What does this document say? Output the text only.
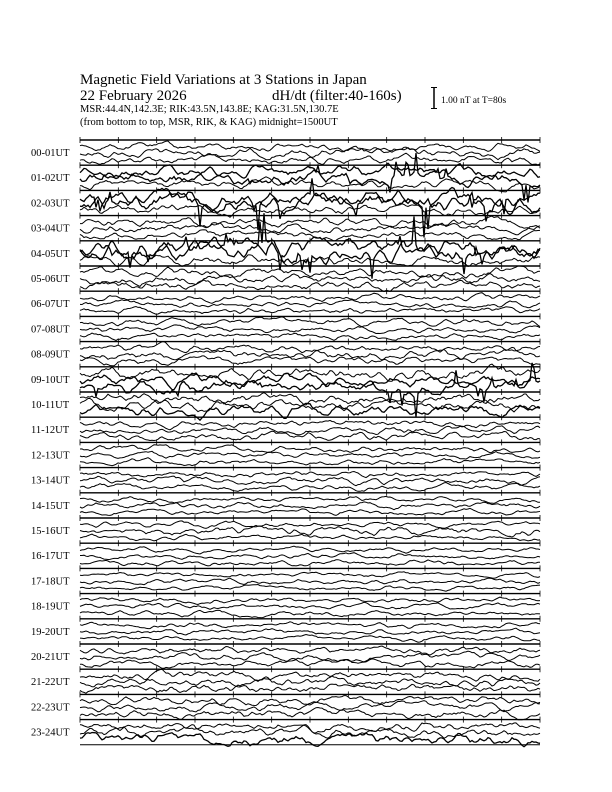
Magnetic Field Variations at 3 Stations in Japan
22 February 2026	dH/dt (filter:40-160s)
MSR:44.4N,142.3E; RIK:43.5N,143.8E; KAG:31.5N,130.7E
(from bottom to top, MSR, RIK, & KAG) midnight=1500UT
1.00 nT at T=80s
00-01UT
01-02UT
02-03UT
03-04UT
04-05UT
05-06UT
06-07UT
07-08UT
08-09UT
09-10UT
10-11UT
11-12UT
12-13UT
13-14UT
14-15UT
15-16UT
16-17UT
17-18UT
18-19UT
19-20UT
20-21UT
21-22UT
22-23UT
23-24UT
